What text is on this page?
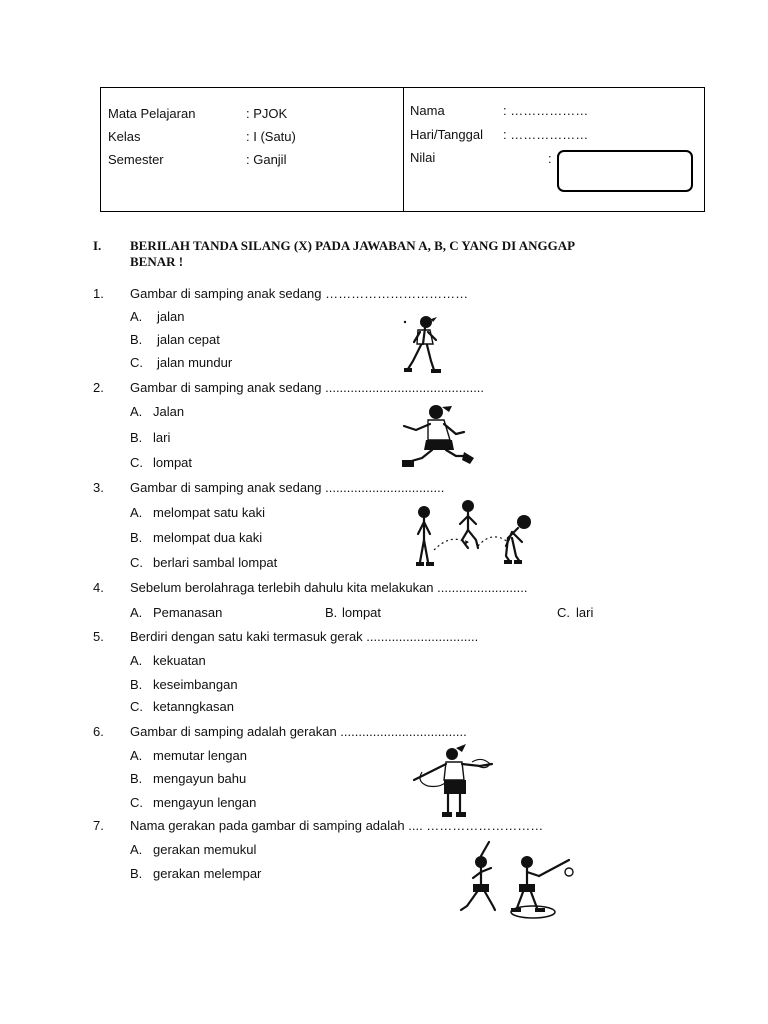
Mata Pelajaran	: PJOK
Kelas	: I (Satu)
Semester	: Ganjil
Nama	: ………………
Hari/Tanggal : ………………
Nilai	:
I. BERILAH TANDA SILANG (X) PADA JAWABAN A, B, C YANG DI ANGGAP
BENAR !
1. Gambar di samping anak sedang ……………………………
A. jalan
B. jalan cepat
C. jalan mundur
2. Gambar di samping anak sedang ............................................
A. Jalan
B. lari
C. lompat
3. Gambar di samping anak sedang .................................
A. melompat satu kaki
B. melompat dua kaki
C. berlari sambal lompat
4. Sebelum berolahraga terlebih dahulu kita melakukan .........................
A. Pemanasan	B. lompat	C. lari
5. Berdiri dengan satu kaki termasuk gerak ...............................
A. kekuatan
B. keseimbangan
C. ketanngkasan
6. Gambar di samping adalah gerakan ...................................
A. memutar lengan
B. mengayun bahu
C. mengayun lengan
7. Nama gerakan pada gambar di samping adalah .... ………………………
A. gerakan memukul
B. gerakan melempar
